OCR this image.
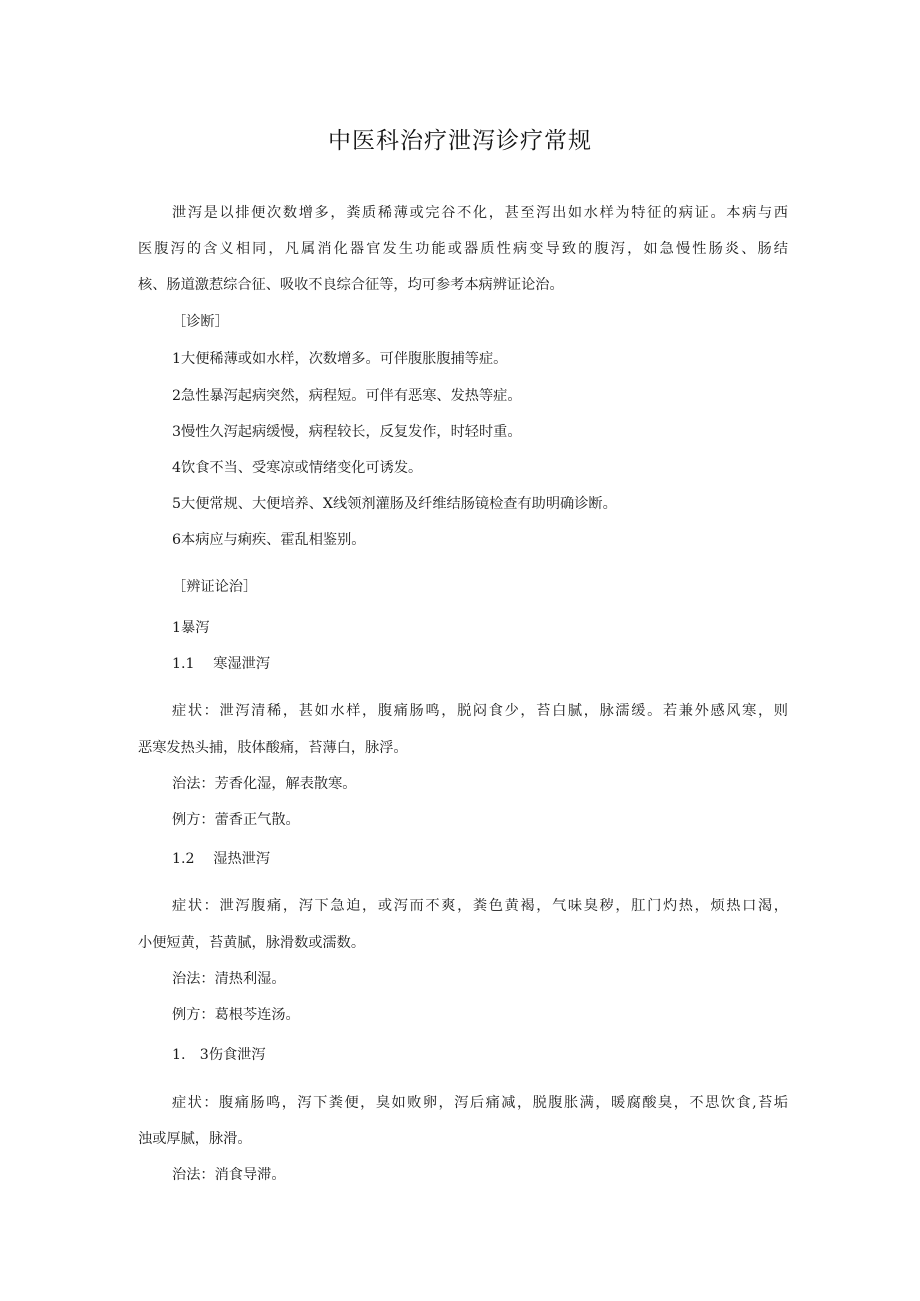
中医科治疗泄泻诊疗常规
泄泻是以排便次数增多，粪质稀薄或完谷不化，甚至泻出如水样为特征的病证。本病与西
医腹泻的含义相同，凡属消化器官发生功能或器质性病变导致的腹泻，如急慢性肠炎、肠结
核、肠道激惹综合征、吸收不良综合征等，均可参考本病辨证论治。
［诊断］
1大便稀薄或如水样，次数增多。可伴腹胀腹捕等症。
2急性暴泻起病突然，病程短。可伴有恶寒、发热等症。
3慢性久泻起病缓慢，病程较长，反复发作，时轻时重。
4饮食不当、受寒凉或情绪变化可诱发。
5大便常规、大便培养、X线领剂灌肠及纤维结肠镜检查有助明确诊断。
6本病应与痢疾、霍乱相鉴别。
［辨证论治］
1暴泻
1.1　 寒湿泄泻
症状：泄泻清稀，甚如水样，腹痛肠鸣，脱闷食少，苔白腻，脉濡缓。若兼外感风寒，则
恶寒发热头捕，肢体酸痛，苔薄白，脉浮。
治法：芳香化湿，解表散寒。
例方：蕾香正气散。
1.2　 湿热泄泻
症状：泄泻腹痛，泻下急迫，或泻而不爽，粪色黄褐，气味臭秽，肛门灼热，烦热口渴，
小便短黄，苔黄腻，脉滑数或濡数。
治法：清热利湿。
例方：葛根芩连汤。
1.　3伤食泄泻
症状：腹痛肠鸣，泻下粪便，臭如败卵，泻后痛减，脱腹胀满，暖腐酸臭，不思饮食,苔垢
浊或厚腻，脉滑。
治法：消食导滞。
